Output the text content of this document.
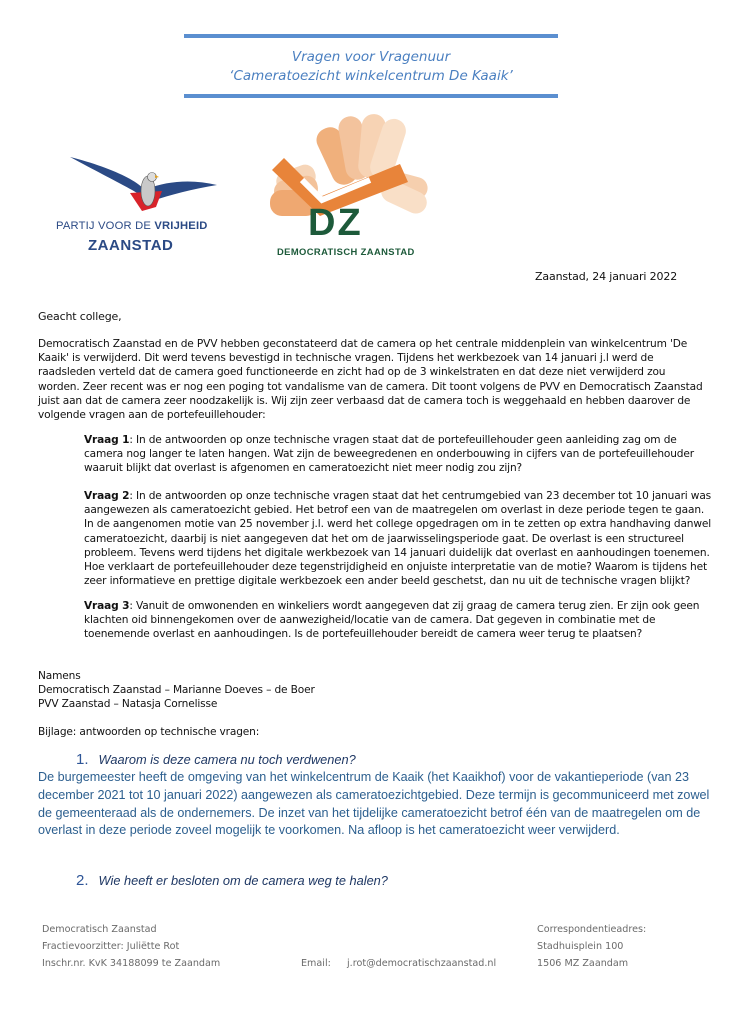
Vragen voor Vragenuur
‘Cameratoezicht winkelcentrum De Kaaik’
PARTIJ VOOR DE VRIJHEID
ZAANSTAD
DZ
DEMOCRATISCH ZAANSTAD
Zaanstad, 24 januari 2022
Geacht college,
Democratisch Zaanstad en de PVV hebben geconstateerd dat de camera op het centrale middenplein van winkelcentrum 'De Kaaik' is verwijderd. Dit werd tevens bevestigd in technische vragen. Tijdens het werkbezoek van 14 januari j.l werd de raadsleden verteld dat de camera goed functioneerde en zicht had op de 3 winkelstraten en dat deze niet verwijderd zou worden. Zeer recent was er nog een poging tot vandalisme van de camera. Dit toont volgens de PVV en Democratisch Zaanstad juist aan dat de camera zeer noodzakelijk is. Wij zijn zeer verbaasd dat de camera toch is weggehaald en hebben daarover de volgende vragen aan de portefeuillehouder:
Vraag 1: In de antwoorden op onze technische vragen staat dat de portefeuillehouder geen aanleiding zag om de camera nog langer te laten hangen. Wat zijn de beweegredenen en onderbouwing in cijfers van de portefeuillehouder waaruit blijkt dat overlast is afgenomen en cameratoezicht niet meer nodig zou zijn?
Vraag 2: In de antwoorden op onze technische vragen staat dat het centrumgebied van 23 december tot 10 januari was aangewezen als cameratoezicht gebied. Het betrof een van de maatregelen om overlast in deze periode tegen te gaan. In de aangenomen motie van 25 november j.l. werd het college opgedragen om in te zetten op extra handhaving danwel cameratoezicht, daarbij is niet aangegeven dat het om de jaarwisselingsperiode gaat. De overlast is een structureel probleem. Tevens werd tijdens het digitale werkbezoek van 14 januari duidelijk dat overlast en aanhoudingen toenemen. Hoe verklaart de portefeuillehouder deze tegenstrijdigheid en onjuiste interpretatie van de motie? Waarom is tijdens het zeer informatieve en prettige digitale werkbezoek een ander beeld geschetst, dan nu uit de technische vragen blijkt?
Vraag 3: Vanuit de omwonenden en winkeliers wordt aangegeven dat zij graag de camera terug zien. Er zijn ook geen klachten oid binnengekomen over de aanwezigheid/locatie van de camera. Dat gegeven in combinatie met de toenemende overlast en aanhoudingen. Is de portefeuillehouder bereidt de camera weer terug te plaatsen?
Namens
Democratisch Zaanstad – Marianne Doeves – de Boer
PVV Zaanstad – Natasja Cornelisse
Bijlage: antwoorden op technische vragen:
1. Waarom is deze camera nu toch verdwenen?
De burgemeester heeft de omgeving van het winkelcentrum de Kaaik (het Kaaikhof) voor de vakantieperiode (van 23 december 2021 tot 10 januari 2022) aangewezen als cameratoezichtgebied. Deze termijn is gecommuniceerd met zowel de gemeenteraad als de ondernemers. De inzet van het tijdelijke cameratoezicht betrof één van de maatregelen om de overlast in deze periode zoveel mogelijk te voorkomen. Na afloop is het cameratoezicht weer verwijderd.
2. Wie heeft er besloten om de camera weg te halen?
Democratisch Zaanstad
Fractievoorzitter: Juliëtte Rot
Inschr.nr. KvK 34188099 te Zaandam	Email: j.rot@democratischzaanstad.nl
Correspondentieadres:
Stadhuisplein 100
1506 MZ Zaandam
